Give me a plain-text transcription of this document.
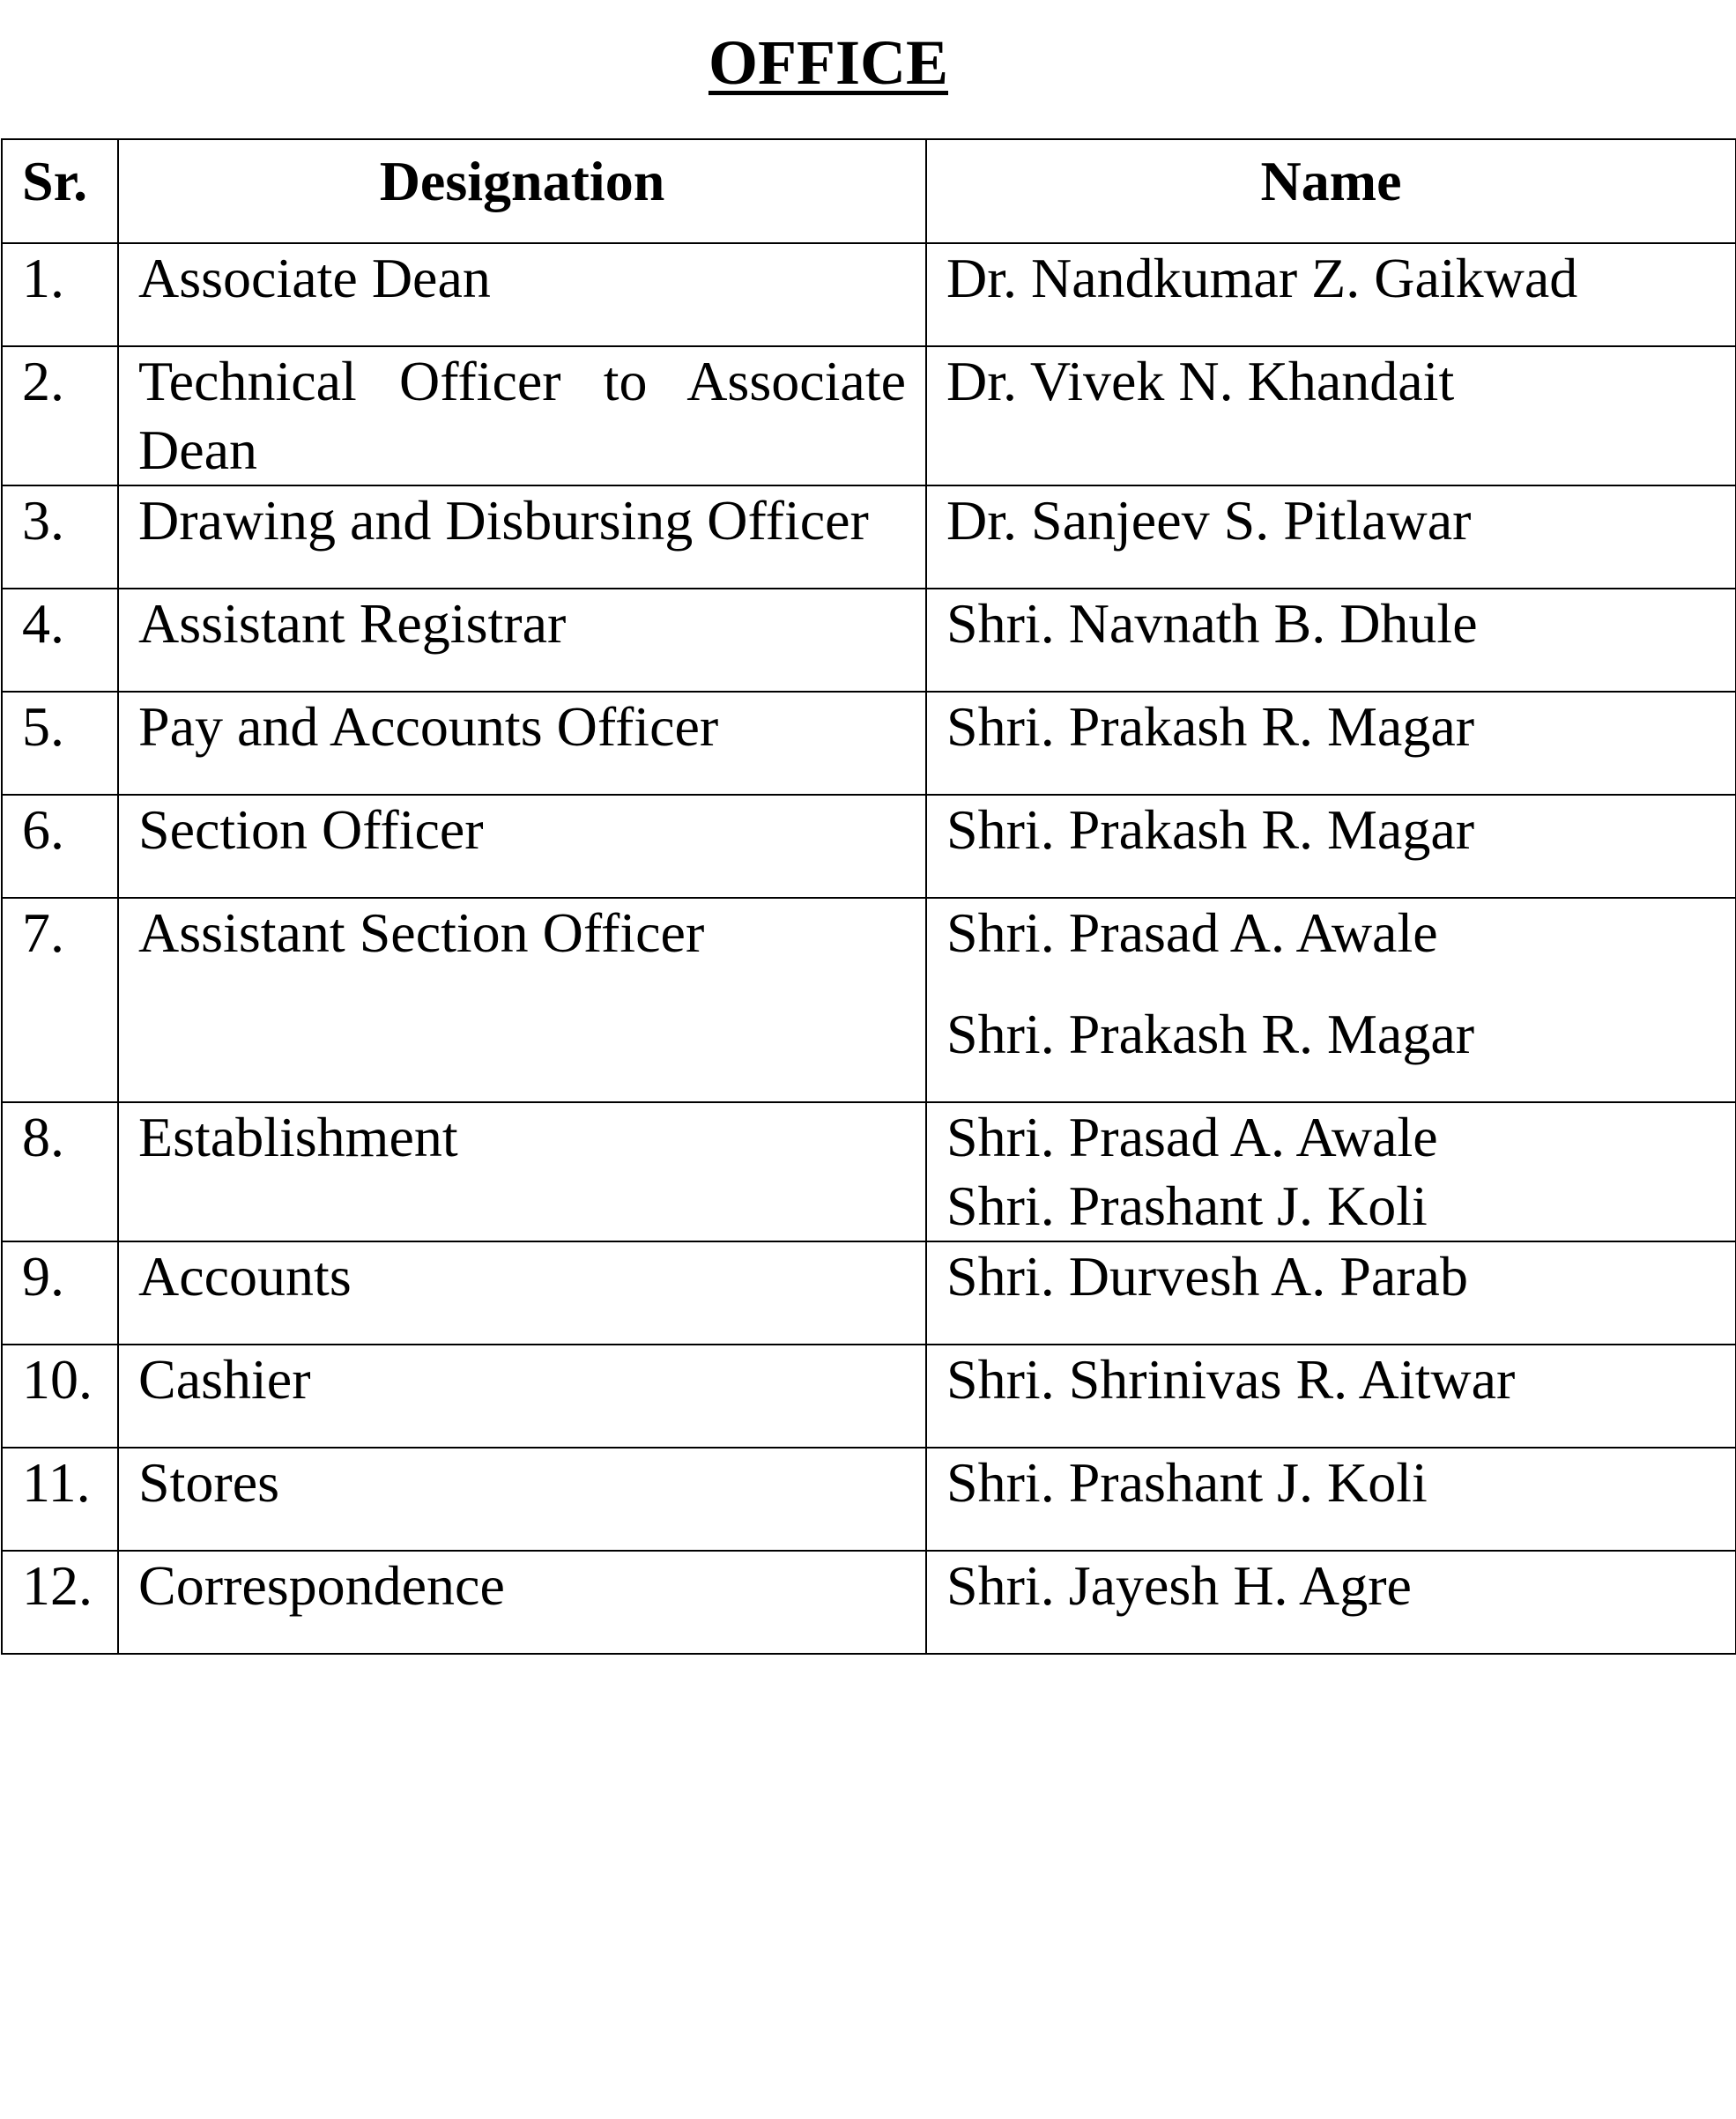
OFFICE
Sr.	Designation	Name
1.	Associate Dean	Dr. Nandkumar Z. Gaikwad

2.	Technical Officer to Associate Dean	Dr. Vivek N. Khandait

3.	Drawing and Disbursing Officer	Dr. Sanjeev S. Pitlawar

4.	Assistant Registrar	Shri. Navnath B. Dhule

5.	Pay and Accounts Officer	Shri. Prakash R. Magar

6.	Section Officer	Shri. Prakash R. Magar

7.	Assistant Section Officer	Shri. Prasad A. Awale
Shri. Prakash R. Magar

8.	Establishment	Shri. Prasad A. Awale
Shri. Prashant J. Koli

9.	Accounts	Shri. Durvesh A. Parab

10.	Cashier	Shri. Shrinivas R. Aitwar

11.	Stores	Shri. Prashant J. Koli

12.	Correspondence	Shri. Jayesh H. Agre
